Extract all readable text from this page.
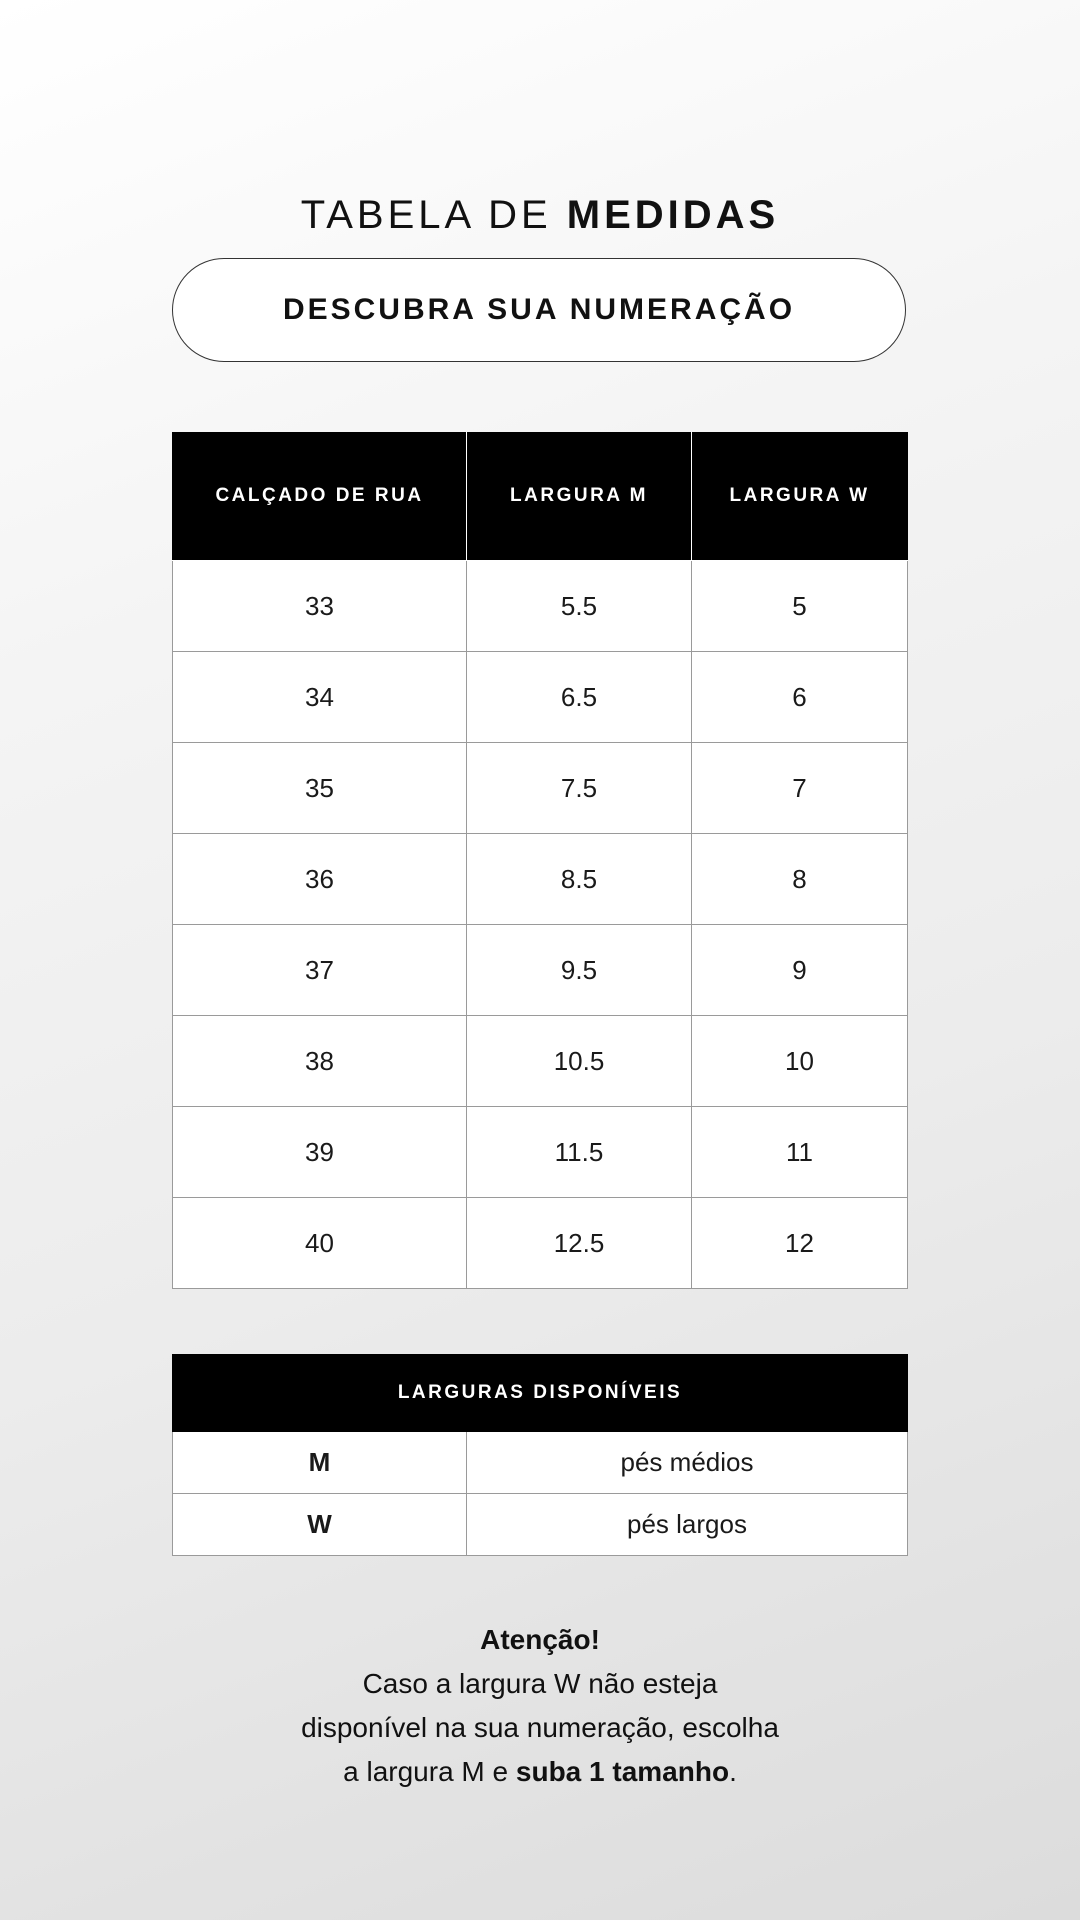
TABELA DE MEDIDAS
DESCUBRA SUA NUMERAÇÃO
CALÇADO DE RUA	LARGURA M	LARGURA W
33	5.5	5
34	6.5	6
35	7.5	7
36	8.5	8
37	9.5	9
38	10.5	10
39	11.5	11
40	12.5	12
LARGURAS DISPONÍVEIS	
M	pés médios
W	pés largos
Atenção!
Caso a largura W não esteja
disponível na sua numeração, escolha
a largura M e suba 1 tamanho.
